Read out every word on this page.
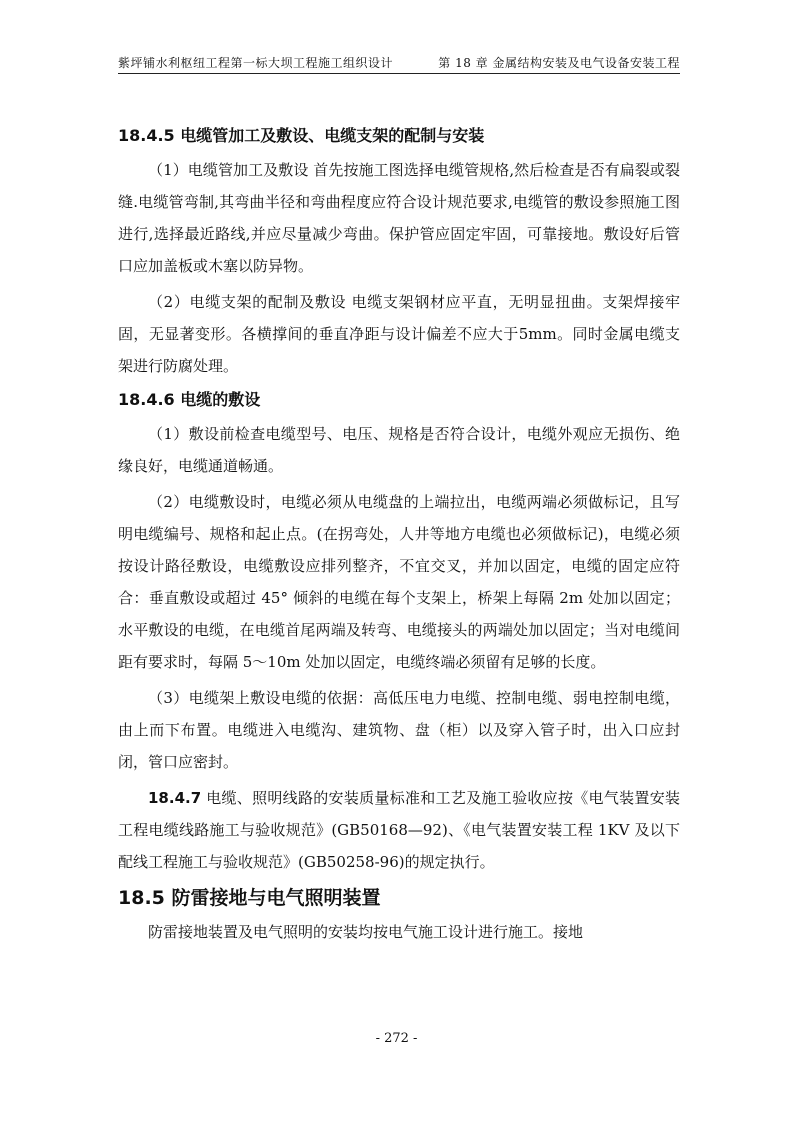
紫坪铺水利枢纽工程第一标大坝工程施工组织设计	第 18 章 金属结构安装及电气设备安装工程
18.4.5 电缆管加工及敷设、电缆支架的配制与安装

（1）电缆管加工及敷设 首先按施工图选择电缆管规格,然后检查是否有扁裂或裂缝.电缆管弯制,其弯曲半径和弯曲程度应符合设计规范要求,电缆管的敷设参照施工图进行,选择最近路线,并应尽量减少弯曲。保护管应固定牢固，可靠接地。敷设好后管口应加盖板或木塞以防异物。

（2）电缆支架的配制及敷设 电缆支架钢材应平直，无明显扭曲。支架焊接牢固，无显著变形。各横撑间的垂直净距与设计偏差不应大于5mm。同时金属电缆支架进行防腐处理。

18.4.6 电缆的敷设

（1）敷设前检查电缆型号、电压、规格是否符合设计，电缆外观应无损伤、绝缘良好，电缆通道畅通。

（2）电缆敷设时，电缆必须从电缆盘的上端拉出，电缆两端必须做标记，且写明电缆编号、规格和起止点。(在拐弯处，人井等地方电缆也必须做标记)，电缆必须按设计路径敷设，电缆敷设应排列整齐，不宜交叉，并加以固定，电缆的固定应符合：垂直敷设或超过 45° 倾斜的电缆在每个支架上，桥架上每隔 2m 处加以固定；水平敷设的电缆，在电缆首尾两端及转弯、电缆接头的两端处加以固定；当对电缆间距有要求时，每隔 5～10m 处加以固定，电缆终端必须留有足够的长度。

（3）电缆架上敷设电缆的依据：高低压电力电缆、控制电缆、弱电控制电缆，由上而下布置。电缆进入电缆沟、建筑物、盘（柜）以及穿入管子时，出入口应封闭，管口应密封。

18.4.7 电缆、照明线路的安装质量标准和工艺及施工验收应按《电气装置安装工程电缆线路施工与验收规范》(GB50168—92)、《电气装置安装工程 1KV 及以下配线工程施工与验收规范》(GB50258-96)的规定执行。

18.5 防雷接地与电气照明装置

防雷接地装置及电气照明的安装均按电气施工设计进行施工。接地

- 272 -
